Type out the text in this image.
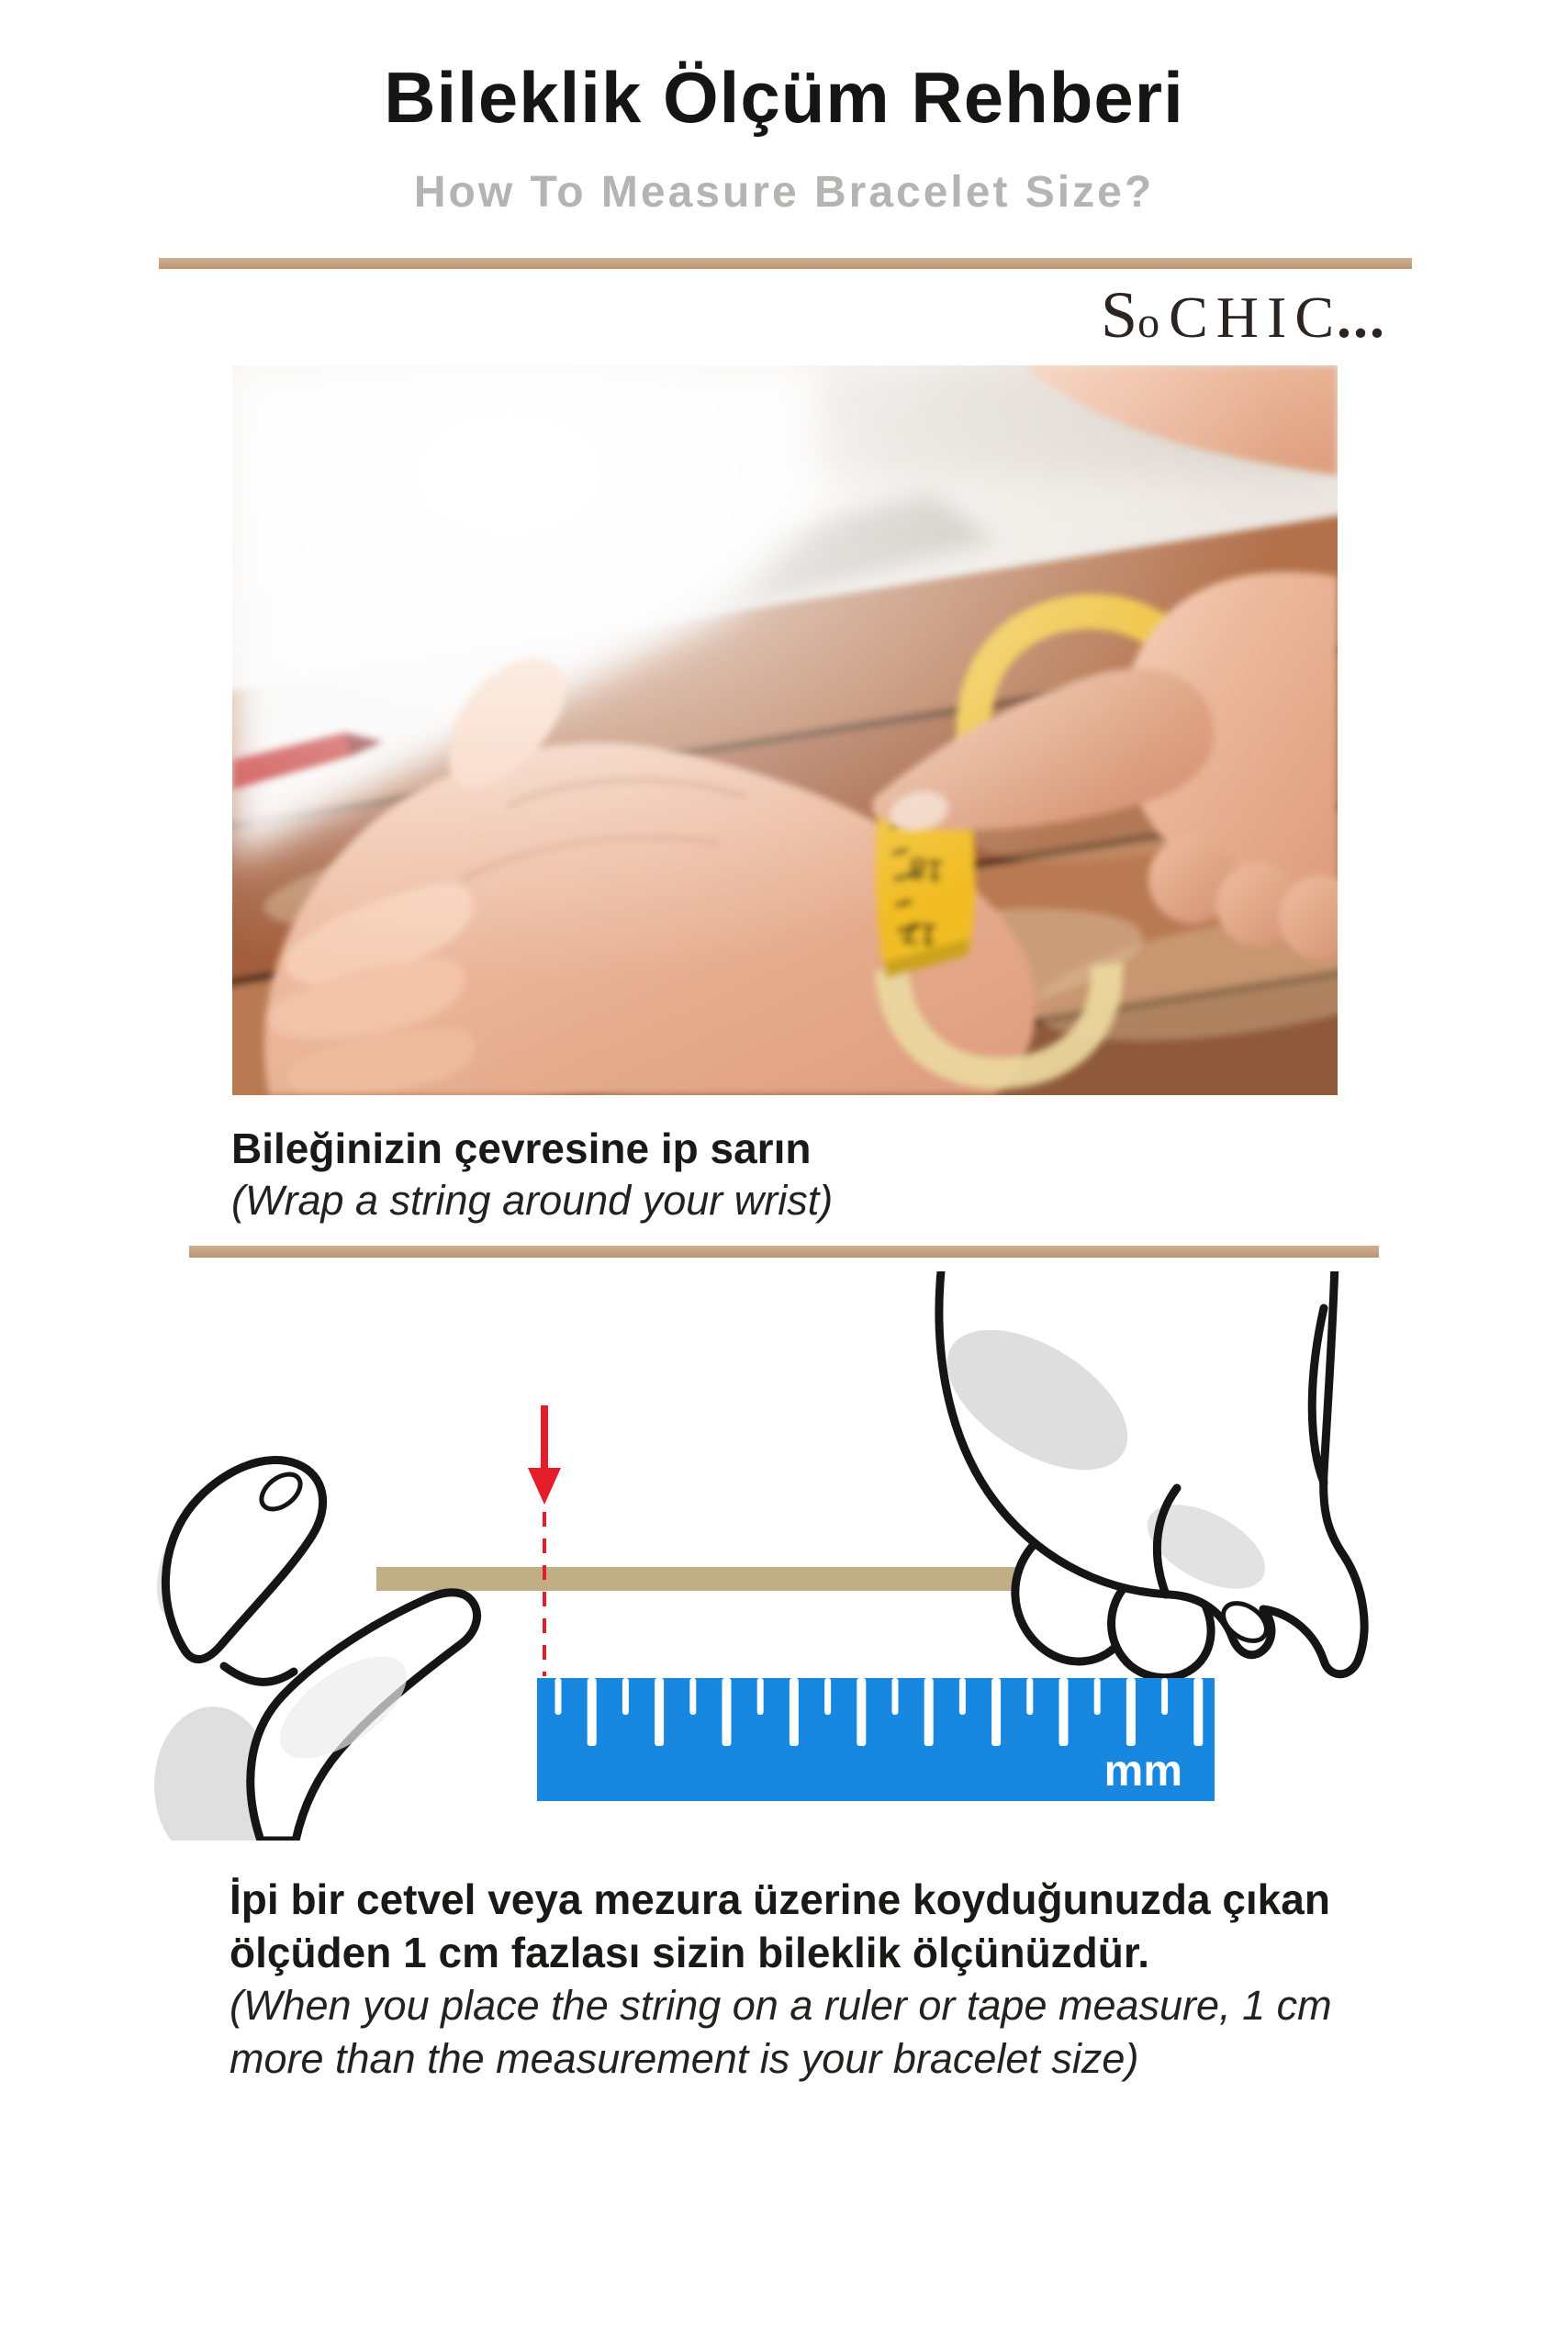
Bileklik Ölçüm Rehberi
How To Measure Bracelet Size?
SoCHIC...
Bileğinizin çevresine ip sarın
(Wrap a string around your wrist)
mm
İpi bir cetvel veya mezura üzerine koyduğunuzda çıkan
ölçüden 1 cm fazlası sizin bileklik ölçünüzdür.
(When you place the string on a ruler or tape measure, 1 cm
more than the measurement is your bracelet size)
